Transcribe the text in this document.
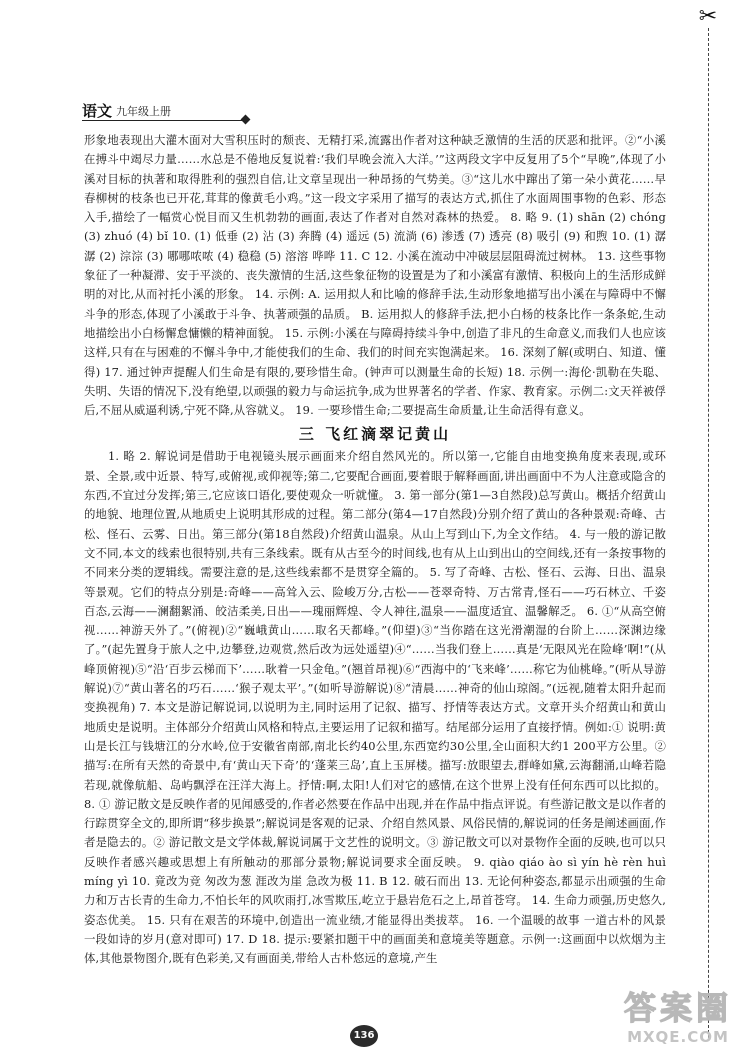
✂
语文 九年级上册

形象地表现出大灌木面对大雪积压时的颓丧、无精打采,流露出作者对这种缺乏激情的生活的厌恶和批评。②“小溪在搏斗中竭尽力量……水总是不倦地反复说着:‘我们早晚会流入大洋。’”这两段文字中反复用了5个“早晚”,体现了小溪对目标的执著和取得胜利的强烈自信,让文章呈现出一种昂扬的气势美。③“这儿水中蹿出了第一朵小黄花……早春柳树的枝条也已开花,茸茸的像黄毛小鸡。”这一段文字采用了描写的表达方式,抓住了水面周围事物的色彩、形态入手,描绘了一幅赏心悦目而又生机勃勃的画面,表达了作者对自然对森林的热爱。 8. 略 9. (1) shān (2) chóng (3) zhuó (4) bǐ 10. (1) 低垂 (2) 沾 (3) 奔腾 (4) 遥远 (5) 流淌 (6) 渗透 (7) 透亮 (8) 吸引 (9) 和煦 10. (1) 潺潺 (2) 淙淙 (3) 哪哪哝哝 (4) 稳稳 (5) 溶溶 哗哗 11. C 12. 小溪在流动中冲破层层阻碍流过树林。 13. 这些事物象征了一种凝滞、安于平淡的、丧失激情的生活,这些象征物的设置是为了和小溪富有激情、积极向上的生活形成鲜明的对比,从而衬托小溪的形象。 14. 示例: A. 运用拟人和比喻的修辞手法,生动形象地描写出小溪在与障碍中不懈斗争的形态,体现了小溪敢于斗争、执著顽强的品质。 B. 运用拟人的修辞手法,把小白杨的枝条比作一条条蛇,生动地描绘出小白杨懈怠慵懒的精神面貌。 15. 示例:小溪在与障碍持续斗争中,创造了非凡的生命意义,而我们人也应该这样,只有在与困难的不懈斗争中,才能使我们的生命、我们的时间充实饱满起来。 16. 深刻了解(或明白、知道、懂得) 17. 通过钟声提醒人们生命是有限的,要珍惜生命。(钟声可以测量生命的长短) 18. 示例一:海伦·凯勒在失聪、失明、失语的情况下,没有绝望,以顽强的毅力与命运抗争,成为世界著名的学者、作家、教育家。示例二:文天祥被俘后,不屈从威逼利诱,宁死不降,从容就义。 19. 一要珍惜生命;二要提高生命质量,让生命活得有意义。

三 飞红滴翠记黄山

1. 略 2. 解说词是借助于电视镜头展示画面来介绍自然风光的。所以第一,它能自由地变换角度来表现,或环景、全景,或中近景、特写,或俯视,或仰视等;第二,它要配合画面,要着眼于解释画面,讲出画面中不为人注意或隐含的东西,不宜过分发挥;第三,它应该口语化,要使观众一听就懂。 3. 第一部分(第1—3自然段)总写黄山。概括介绍黄山的地貌、地理位置,从地质史上说明其形成的过程。第二部分(第4—17自然段)分别介绍了黄山的各种景观:奇峰、古松、怪石、云雾、日出。第三部分(第18自然段)介绍黄山温泉。从山上写到山下,为全文作结。 4. 与一般的游记散文不同,本文的线索也很特别,共有三条线索。既有从古至今的时间线,也有从上山到出山的空间线,还有一条按事物的不同来分类的逻辑线。需要注意的是,这些线索都不是贯穿全篇的。 5. 写了奇峰、古松、怪石、云海、日出、温泉等景观。它们的特点分别是:奇峰——高耸入云、险峻万分,古松——苍翠奇特、万古常青,怪石——巧石林立、千姿百态,云海——澜翻絮涌、皎洁柔美,日出——瑰丽辉煌、令人神往,温泉——温度适宜、温馨解乏。 6. ①“从高空俯视……神游天外了。”(俯视)②“巍峨黄山……取名天都峰。”(仰望)③“当你踏在这光滑潮湿的台阶上……深渊边缘了。”(起先置身于旅人之中,边攀登,边观赏,然后改为远处遥望)④“……当我们登上……真是‘无限风光在险峰’啊!”(从峰顶俯视)⑤“沿‘百步云梯而下’……耿着一只金龟。”(翘首昂视)⑥“西海中的‘飞来峰’……称它为仙桃峰。”(听从导游解说)⑦“黄山著名的巧石……‘猴子观太平’。”(如听导游解说)⑧“清晨……神奇的仙山琼阁。”(远视,随着太阳升起而变换视角) 7. 本文是游记解说词,以说明为主,同时运用了记叙、描写、抒情等表达方式。文章开头介绍黄山和黄山地质史是说明。主体部分介绍黄山风格和特点,主要运用了记叙和描写。结尾部分运用了直接抒情。例如:① 说明:黄山是长江与钱塘江的分水岭,位于安徽省南部,南北长约40公里,东西宽约30公里,全山面积大约1 200平方公里。② 描写:在所有天然的奇景中,有‘黄山天下奇’的‘蓬莱三岛’,直上玉屏楼。描写:放眼望去,群峰如黛,云海翻涌,山峰若隐若现,就像航船、岛屿飘浮在汪洋大海上。抒情:啊,太阳!人们对它的感情,在这个世界上没有任何东西可以比拟的。 8. ① 游记散文是反映作者的见闻感受的,作者必然要在作品中出现,并在作品中指点评说。有些游记散文是以作者的行踪贯穿全文的,即所谓“移步换景”;解说词是客观的记录、介绍自然风景、风俗民情的,解说词的任务是阐述画面,作者是隐去的。② 游记散文是文学体裁,解说词属于文艺性的说明文。③ 游记散文可以对景物作全面的反映,也可以只反映作者感兴趣或思想上有所触动的那部分景物;解说词要求全面反映。 9. qiào qiáo ào sì yín hè rèn huì míng yì 10. 竟改为竞 匆改为葱 涯改为崖 急改为极 11. B 12. 破石而出 13. 无论何种姿态,都显示出顽强的生命力和万古长青的生命力,不怕长年的风吹雨打,冰雪欺压,屹立于悬岩危石之上,昂首苍穹。 14. 生命力顽强,历史悠久,姿态优美。 15. 只有在艰苦的环境中,创造出一流业绩,才能显得出类拔萃。 16. 一个温暖的故事 一道古朴的风景 一段如诗的岁月(意对即可) 17. D 18. 提示:要紧扣题干中的画面美和意境美等题意。示例一:这画面中以炊烟为主体,其他景物图介,既有色彩美,又有画面美,带给人古朴悠远的意境,产生

136
答案圈
MXQE.COM
